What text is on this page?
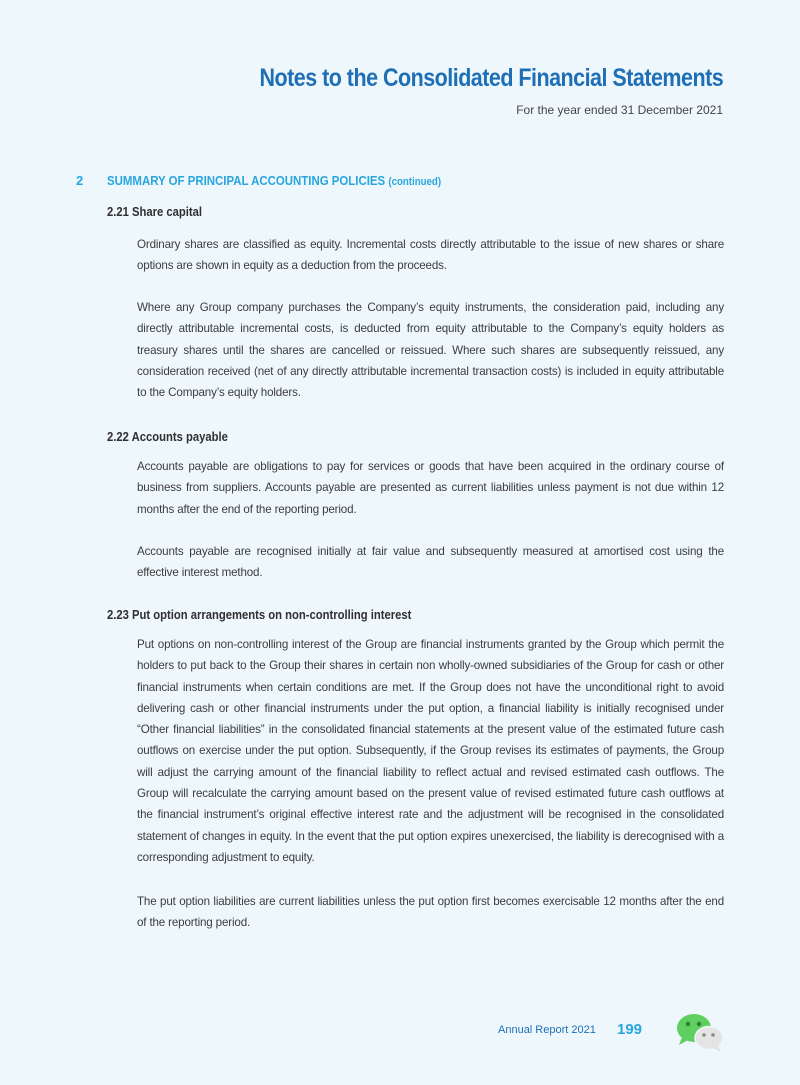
Notes to the Consolidated Financial Statements
For the year ended 31 December 2021
2 SUMMARY OF PRINCIPAL ACCOUNTING POLICIES (continued)
2.21 Share capital

Ordinary shares are classified as equity. Incremental costs directly attributable to the issue of new shares or share options are shown in equity as a deduction from the proceeds.

Where any Group company purchases the Company’s equity instruments, the consideration paid, including any directly attributable incremental costs, is deducted from equity attributable to the Company’s equity holders as treasury shares until the shares are cancelled or reissued. Where such shares are subsequently reissued, any consideration received (net of any directly attributable incremental transaction costs) is included in equity attributable to the Company’s equity holders.

2.22 Accounts payable

Accounts payable are obligations to pay for services or goods that have been acquired in the ordinary course of business from suppliers. Accounts payable are presented as current liabilities unless payment is not due within 12 months after the end of the reporting period.

Accounts payable are recognised initially at fair value and subsequently measured at amortised cost using the effective interest method.

2.23 Put option arrangements on non-controlling interest

Put options on non-controlling interest of the Group are financial instruments granted by the Group which permit the holders to put back to the Group their shares in certain non wholly-owned subsidiaries of the Group for cash or other financial instruments when certain conditions are met. If the Group does not have the unconditional right to avoid delivering cash or other financial instruments under the put option, a financial liability is initially recognised under “Other financial liabilities” in the consolidated financial statements at the present value of the estimated future cash outflows on exercise under the put option. Subsequently, if the Group revises its estimates of payments, the Group will adjust the carrying amount of the financial liability to reflect actual and revised estimated cash outflows. The Group will recalculate the carrying amount based on the present value of revised estimated future cash outflows at the financial instrument’s original effective interest rate and the adjustment will be recognised in the consolidated statement of changes in equity. In the event that the put option expires unexercised, the liability is derecognised with a corresponding adjustment to equity.

The put option liabilities are current liabilities unless the put option first becomes exercisable 12 months after the end of the reporting period.

Annual Report 2021 199
